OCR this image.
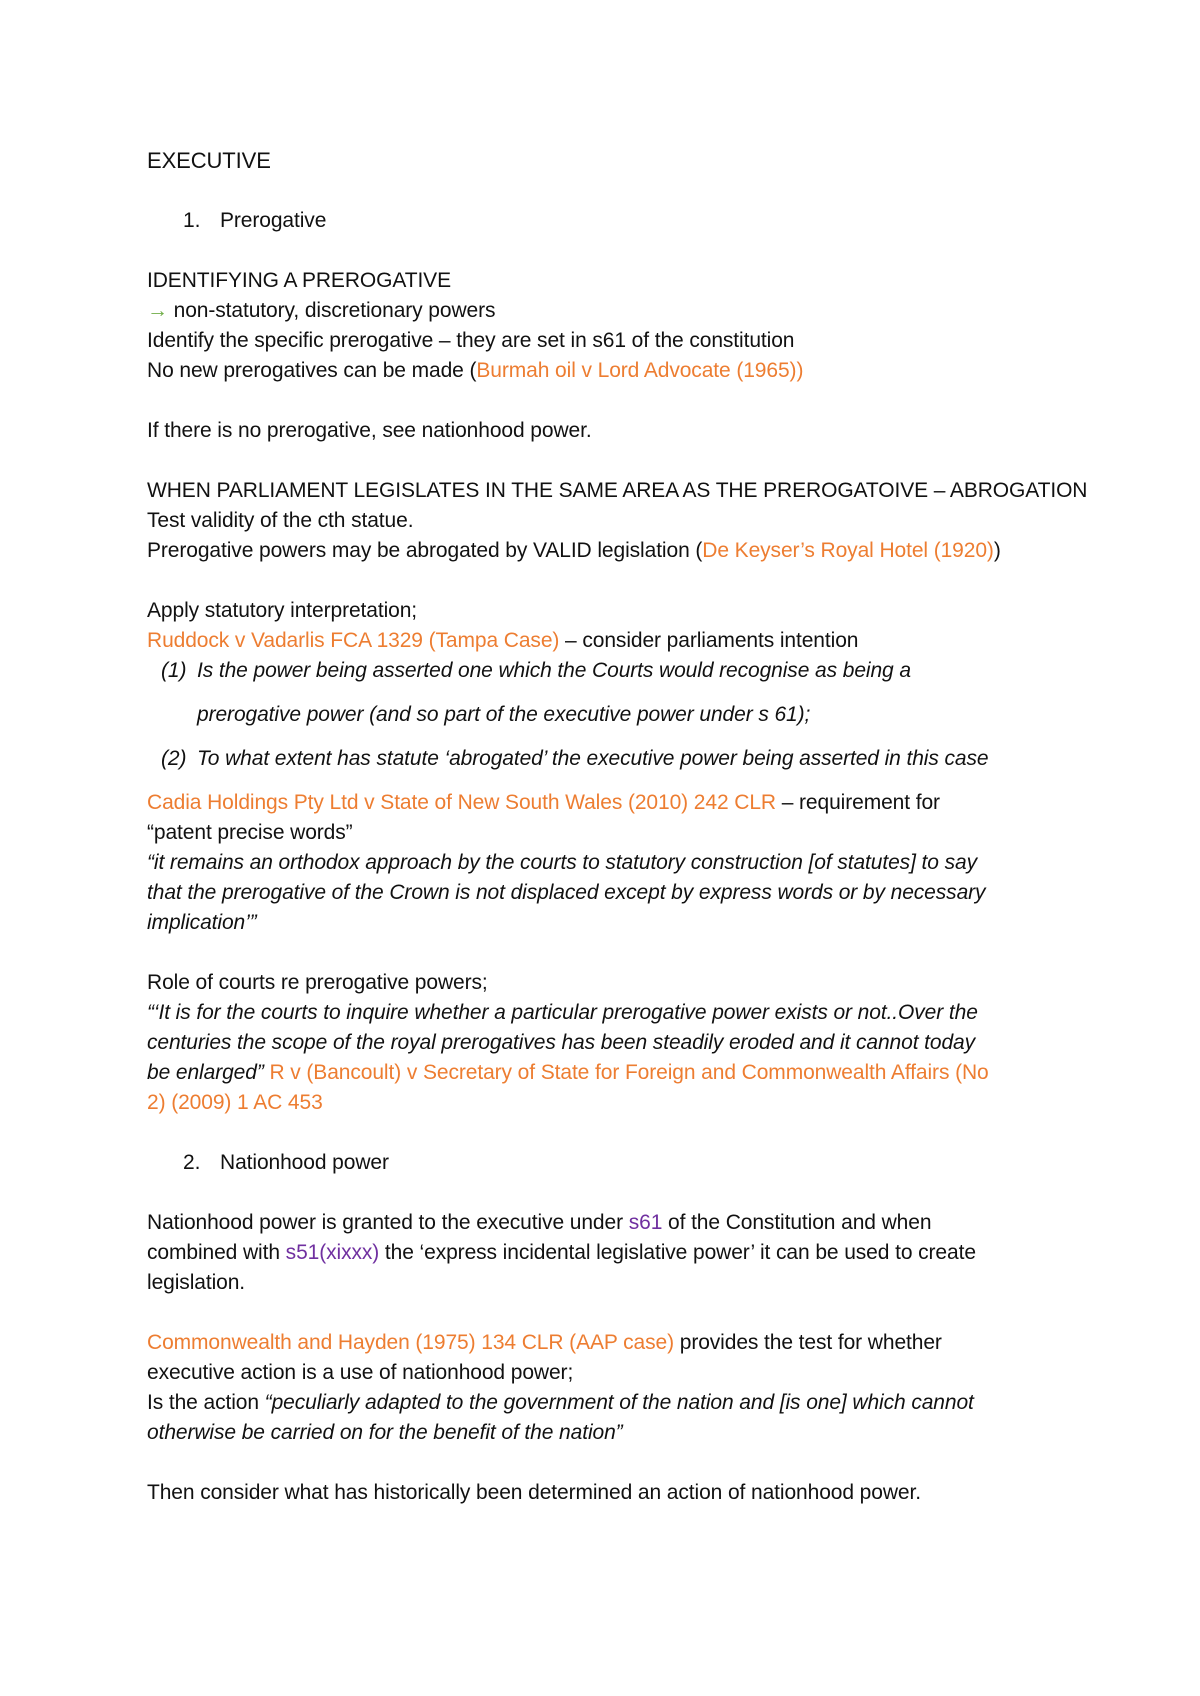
EXECUTIVE
1. Prerogative
IDENTIFYING A PREROGATIVE
→ non-statutory, discretionary powers
Identify the specific prerogative – they are set in s61 of the constitution
No new prerogatives can be made (Burmah oil v Lord Advocate (1965))
If there is no prerogative, see nationhood power.
WHEN PARLIAMENT LEGISLATES IN THE SAME AREA AS THE PREROGATOIVE – ABROGATION
Test validity of the cth statue.
Prerogative powers may be abrogated by VALID legislation (De Keyser’s Royal Hotel (1920))
Apply statutory interpretation;
Ruddock v Vadarlis FCA 1329 (Tampa Case) – consider parliaments intention
(1) Is the power being asserted one which the Courts would recognise as being a
prerogative power (and so part of the executive power under s 61);
(2) To what extent has statute ‘abrogated’ the executive power being asserted in this case
Cadia Holdings Pty Ltd v State of New South Wales (2010) 242 CLR – requirement for
“patent precise words”
“it remains an orthodox approach by the courts to statutory construction [of statutes] to say
that the prerogative of the Crown is not displaced except by express words or by necessary
implication’”
Role of courts re prerogative powers;
“‘It is for the courts to inquire whether a particular prerogative power exists or not..Over the
centuries the scope of the royal prerogatives has been steadily eroded and it cannot today
be enlarged” R v (Bancoult) v Secretary of State for Foreign and Commonwealth Affairs (No
2) (2009) 1 AC 453
2. Nationhood power
Nationhood power is granted to the executive under s61 of the Constitution and when
combined with s51(xixxx) the ‘express incidental legislative power’ it can be used to create
legislation.
Commonwealth and Hayden (1975) 134 CLR (AAP case) provides the test for whether
executive action is a use of nationhood power;
Is the action “peculiarly adapted to the government of the nation and [is one] which cannot
otherwise be carried on for the benefit of the nation”
Then consider what has historically been determined an action of nationhood power.
